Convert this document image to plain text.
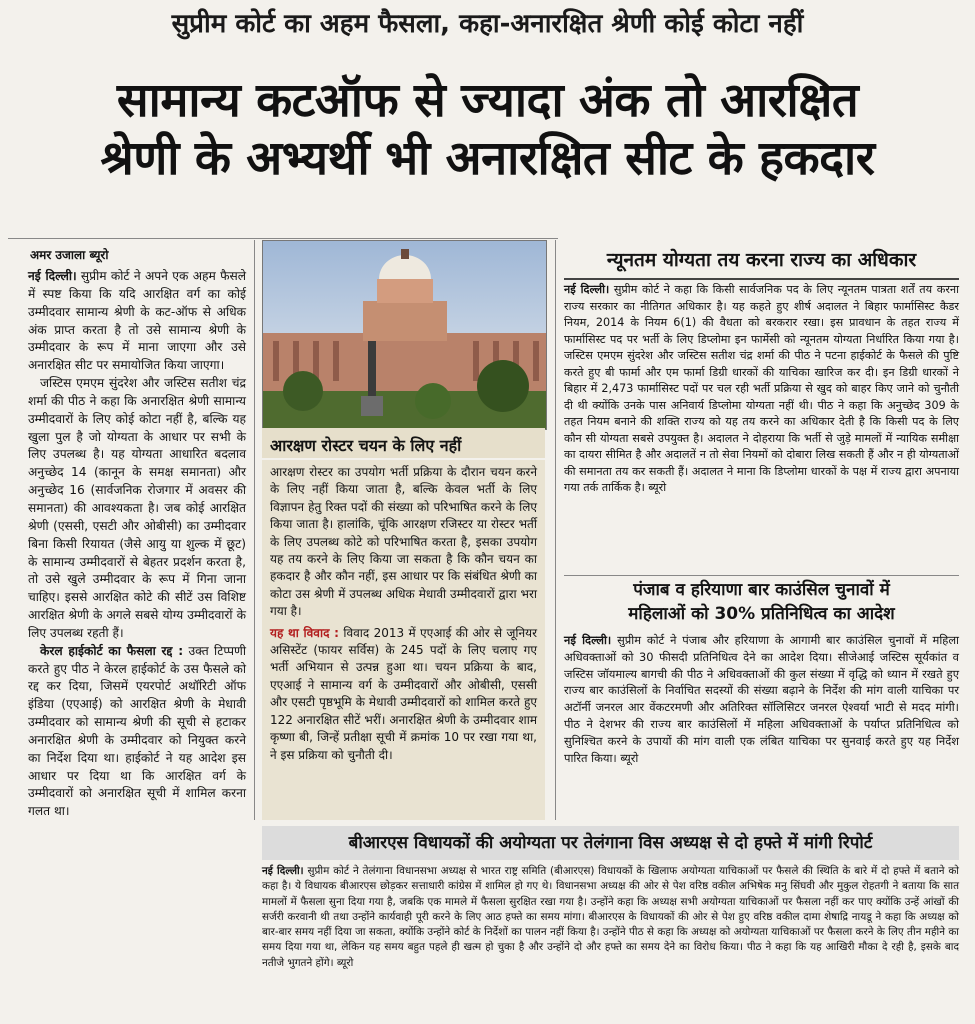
सुप्रीम कोर्ट का अहम फैसला, कहा-अनारक्षित श्रेणी कोई कोटा नहीं
सामान्य कटऑफ से ज्यादा अंक तो आरक्षित
श्रेणी के अभ्यर्थी भी अनारक्षित सीट के हकदार
अमर उजाला ब्यूरो

नई दिल्ली। सुप्रीम कोर्ट ने अपने एक अहम फैसले में स्पष्ट किया कि यदि आरक्षित वर्ग का कोई उम्मीदवार सामान्य श्रेणी के कट-ऑफ से अधिक अंक प्राप्त करता है तो उसे सामान्य श्रेणी के उम्मीदवार के रूप में माना जाएगा और उसे अनारक्षित सीट पर समायोजित किया जाएगा।

जस्टिस एमएम सुंदरेश और जस्टिस सतीश चंद्र शर्मा की पीठ ने कहा कि अनारक्षित श्रेणी सामान्य उम्मीदवारों के लिए कोई कोटा नहीं है, बल्कि यह खुला पुल है जो योग्यता के आधार पर सभी के लिए उपलब्ध है। यह योग्यता आधारित बदलाव अनुच्छेद 14 (कानून के समक्ष समानता) और अनुच्छेद 16 (सार्वजनिक रोजगार में अवसर की समानता) की आवश्यकता है। जब कोई आरक्षित श्रेणी (एससी, एसटी और ओबीसी) का उम्मीदवार बिना किसी रियायत (जैसे आयु या शुल्क में छूट) के सामान्य उम्मीदवारों से बेहतर प्रदर्शन करता है, तो उसे खुले उम्मीदवार के रूप में गिना जाना चाहिए। इससे आरक्षित कोटे की सीटें उस विशिष्ट आरक्षित श्रेणी के अगले सबसे योग्य उम्मीदवारों के लिए उपलब्ध रहती हैं।

केरल हाईकोर्ट का फैसला रद्द : उक्त टिप्पणी करते हुए पीठ ने केरल हाईकोर्ट के उस फैसले को रद्द कर दिया, जिसमें एयरपोर्ट अथॉरिटी ऑफ इंडिया (एएआई) को आरक्षित श्रेणी के मेधावी उम्मीदवार को सामान्य श्रेणी की सूची से हटाकर अनारक्षित श्रेणी के उम्मीदवार को नियुक्त करने का निर्देश दिया था। हाईकोर्ट ने यह आदेश इस आधार पर दिया था कि आरक्षित वर्ग के उम्मीदवारों को अनारक्षित सूची में शामिल करना गलत था।

आरक्षण रोस्टर चयन के लिए नहीं

आरक्षण रोस्टर का उपयोग भर्ती प्रक्रिया के दौरान चयन करने के लिए नहीं किया जाता है, बल्कि केवल भर्ती के लिए विज्ञापन हेतु रिक्त पदों की संख्या को परिभाषित करने के लिए किया जाता है। हालांकि, चूंकि आरक्षण रजिस्टर या रोस्टर भर्ती के लिए उपलब्ध कोटे को परिभाषित करता है, इसका उपयोग यह तय करने के लिए किया जा सकता है कि कौन चयन का हकदार है और कौन नहीं, इस आधार पर कि संबंधित श्रेणी का कोटा उस श्रेणी में उपलब्ध अधिक मेधावी उम्मीदवारों द्वारा भरा गया है।

यह था विवाद : विवाद 2013 में एएआई की ओर से जूनियर असिस्टेंट (फायर सर्विस) के 245 पदों के लिए चलाए गए भर्ती अभियान से उत्पन्न हुआ था। चयन प्रक्रिया के बाद, एएआई ने सामान्य वर्ग के उम्मीदवारों और ओबीसी, एससी और एसटी पृष्ठभूमि के मेधावी उम्मीदवारों को शामिल करते हुए 122 अनारक्षित सीटें भरीं। अनारक्षित श्रेणी के उम्मीदवार शाम कृष्णा बी, जिन्हें प्रतीक्षा सूची में क्रमांक 10 पर रखा गया था, ने इस प्रक्रिया को चुनौती दी।

न्यूनतम योग्यता तय करना राज्य का अधिकार

नई दिल्ली। सुप्रीम कोर्ट ने कहा कि किसी सार्वजनिक पद के लिए न्यूनतम पात्रता शर्तें तय करना राज्य सरकार का नीतिगत अधिकार है। यह कहते हुए शीर्ष अदालत ने बिहार फार्मासिस्ट कैडर नियम, 2014 के नियम 6(1) की वैधता को बरकरार रखा। इस प्रावधान के तहत राज्य में फार्मासिस्ट पद पर भर्ती के लिए डिप्लोमा इन फार्मेसी को न्यूनतम योग्यता निर्धारित किया गया है। जस्टिस एमएम सुंदरेश और जस्टिस सतीश चंद्र शर्मा की पीठ ने पटना हाईकोर्ट के फैसले की पुष्टि करते हुए बी फार्मा और एम फार्मा डिग्री धारकों की याचिका खारिज कर दी। इन डिग्री धारकों ने बिहार में 2,473 फार्मासिस्ट पदों पर चल रही भर्ती प्रक्रिया से खुद को बाहर किए जाने को चुनौती दी थी क्योंकि उनके पास अनिवार्य डिप्लोमा योग्यता नहीं थी। पीठ ने कहा कि अनुच्छेद 309 के तहत नियम बनाने की शक्ति राज्य को यह तय करने का अधिकार देती है कि किसी पद के लिए कौन सी योग्यता सबसे उपयुक्त है। अदालत ने दोहराया कि भर्ती से जुड़े मामलों में न्यायिक समीक्षा का दायरा सीमित है और अदालतें न तो सेवा नियमों को दोबारा लिख सकती हैं और न ही योग्यताओं की समानता तय कर सकती हैं। अदालत ने माना कि डिप्लोमा धारकों के पक्ष में राज्य द्वारा अपनाया गया तर्क तार्किक है। ब्यूरो

पंजाब व हरियाणा बार काउंसिल चुनावों में
महिलाओं को 30% प्रतिनिधित्व का आदेश

नई दिल्ली। सुप्रीम कोर्ट ने पंजाब और हरियाणा के आगामी बार काउंसिल चुनावों में महिला अधिवक्ताओं को 30 फीसदी प्रतिनिधित्व देने का आदेश दिया। सीजेआई जस्टिस सूर्यकांत व जस्टिस जॉयमाल्य बागची की पीठ ने अधिवक्ताओं की कुल संख्या में वृद्धि को ध्यान में रखते हुए राज्य बार काउंसिलों के निर्वाचित सदस्यों की संख्या बढ़ाने के निर्देश की मांग वाली याचिका पर अटॉर्नी जनरल आर वेंकटरमणी और अतिरिक्त सॉलिसिटर जनरल ऐश्वर्या भाटी से मदद मांगी। पीठ ने देशभर की राज्य बार काउंसिलों में महिला अधिवक्ताओं के पर्याप्त प्रतिनिधित्व को सुनिश्चित करने के उपायों की मांग वाली एक लंबित याचिका पर सुनवाई करते हुए यह निर्देश पारित किया। ब्यूरो

बीआरएस विधायकों की अयोग्यता पर तेलंगाना विस अध्यक्ष से दो हफ्ते में मांगी रिपोर्ट

नई दिल्ली। सुप्रीम कोर्ट ने तेलंगाना विधानसभा अध्यक्ष से भारत राष्ट्र समिति (बीआरएस) विधायकों के खिलाफ अयोग्यता याचिकाओं पर फैसले की स्थिति के बारे में दो हफ्ते में बताने को कहा है। ये विधायक बीआरएस छोड़कर सत्ताधारी कांग्रेस में शामिल हो गए थे। विधानसभा अध्यक्ष की ओर से पेश वरिष्ठ वकील अभिषेक मनु सिंघवी और मुकुल रोहतगी ने बताया कि सात मामलों में फैसला सुना दिया गया है, जबकि एक मामले में फैसला सुरक्षित रखा गया है। उन्होंने कहा कि अध्यक्ष सभी अयोग्यता याचिकाओं पर फैसला नहीं कर पाए क्योंकि उन्हें आंखों की सर्जरी करवानी थी तथा उन्होंने कार्यवाही पूरी करने के लिए आठ हफ्ते का समय मांगा। बीआरएस के विधायकों की ओर से पेश हुए वरिष्ठ वकील दामा शेषाद्रि नायडू ने कहा कि अध्यक्ष को बार-बार समय नहीं दिया जा सकता, क्योंकि उन्होंने कोर्ट के निर्देशों का पालन नहीं किया है। उन्होंने पीठ से कहा कि अध्यक्ष को अयोग्यता याचिकाओं पर फैसला करने के लिए तीन महीने का समय दिया गया था, लेकिन यह समय बहुत पहले ही खत्म हो चुका है और उन्होंने दो और हफ्ते का समय देने का विरोध किया। पीठ ने कहा कि यह आखिरी मौका दे रही है, इसके बाद नतीजे भुगतने होंगे। ब्यूरो
